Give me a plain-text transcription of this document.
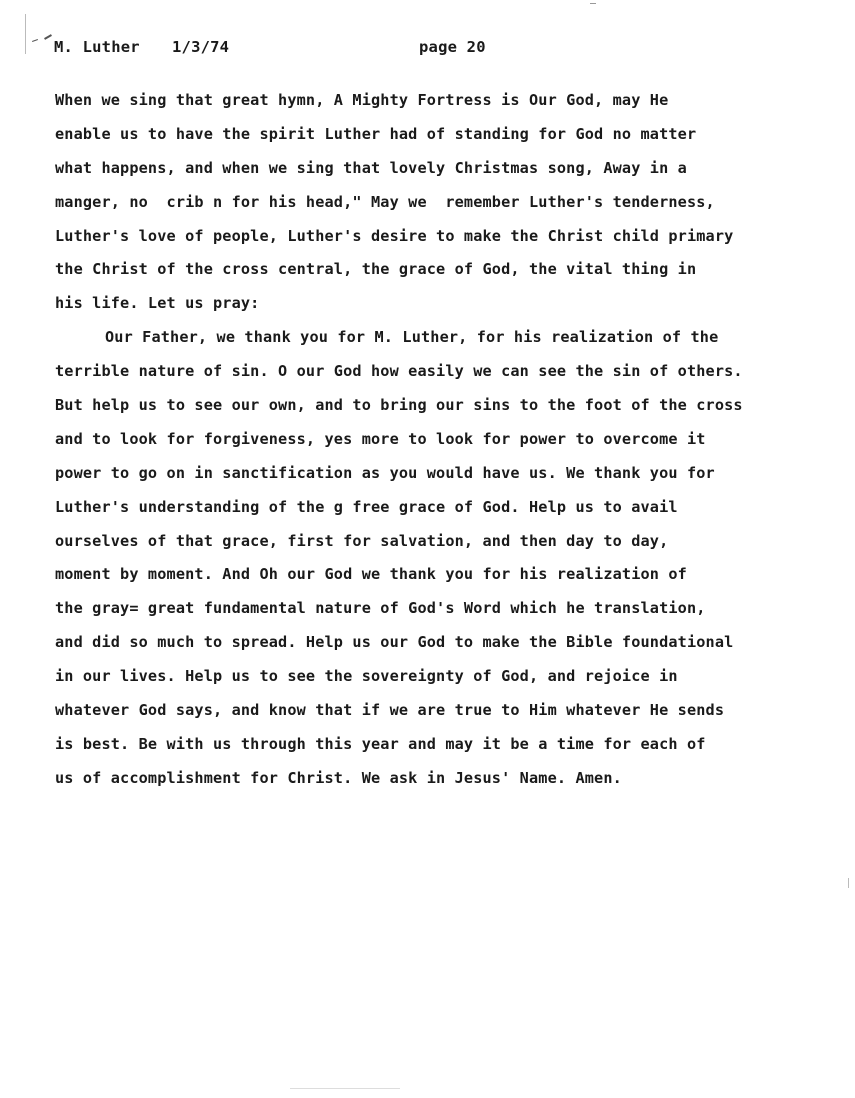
M. Luther 1/3/74	page 20
When we sing that great hymn, A Mighty Fortress is Our God, may He
enable us to have the spirit Luther had of standing for God no matter
what happens, and when we sing that lovely Christmas song, Away in a
manger, no  crib n for his head," May we  remember Luther's tenderness,
Luther's love of people, Luther's desire to make the Christ child primary
the Christ of the cross central, the grace of God, the vital thing in
his life. Let us pray:
Our Father, we thank you for M. Luther, for his realization of the
terrible nature of sin. O our God how easily we can see the sin of others.
But help us to see our own, and to bring our sins to the foot of the cross
and to look for forgiveness, yes more to look for power to overcome it
power to go on in sanctification as you would have us. We thank you for
Luther's understanding of the g free grace of God. Help us to avail
ourselves of that grace, first for salvation, and then day to day,
moment by moment. And Oh our God we thank you for his realization of
the gray= great fundamental nature of God's Word which he translation,
and did so much to spread. Help us our God to make the Bible foundational
in our lives. Help us to see the sovereignty of God, and rejoice in
whatever God says, and know that if we are true to Him whatever He sends
is best. Be with us through this year and may it be a time for each of
us of accomplishment for Christ. We ask in Jesus' Name. Amen.
